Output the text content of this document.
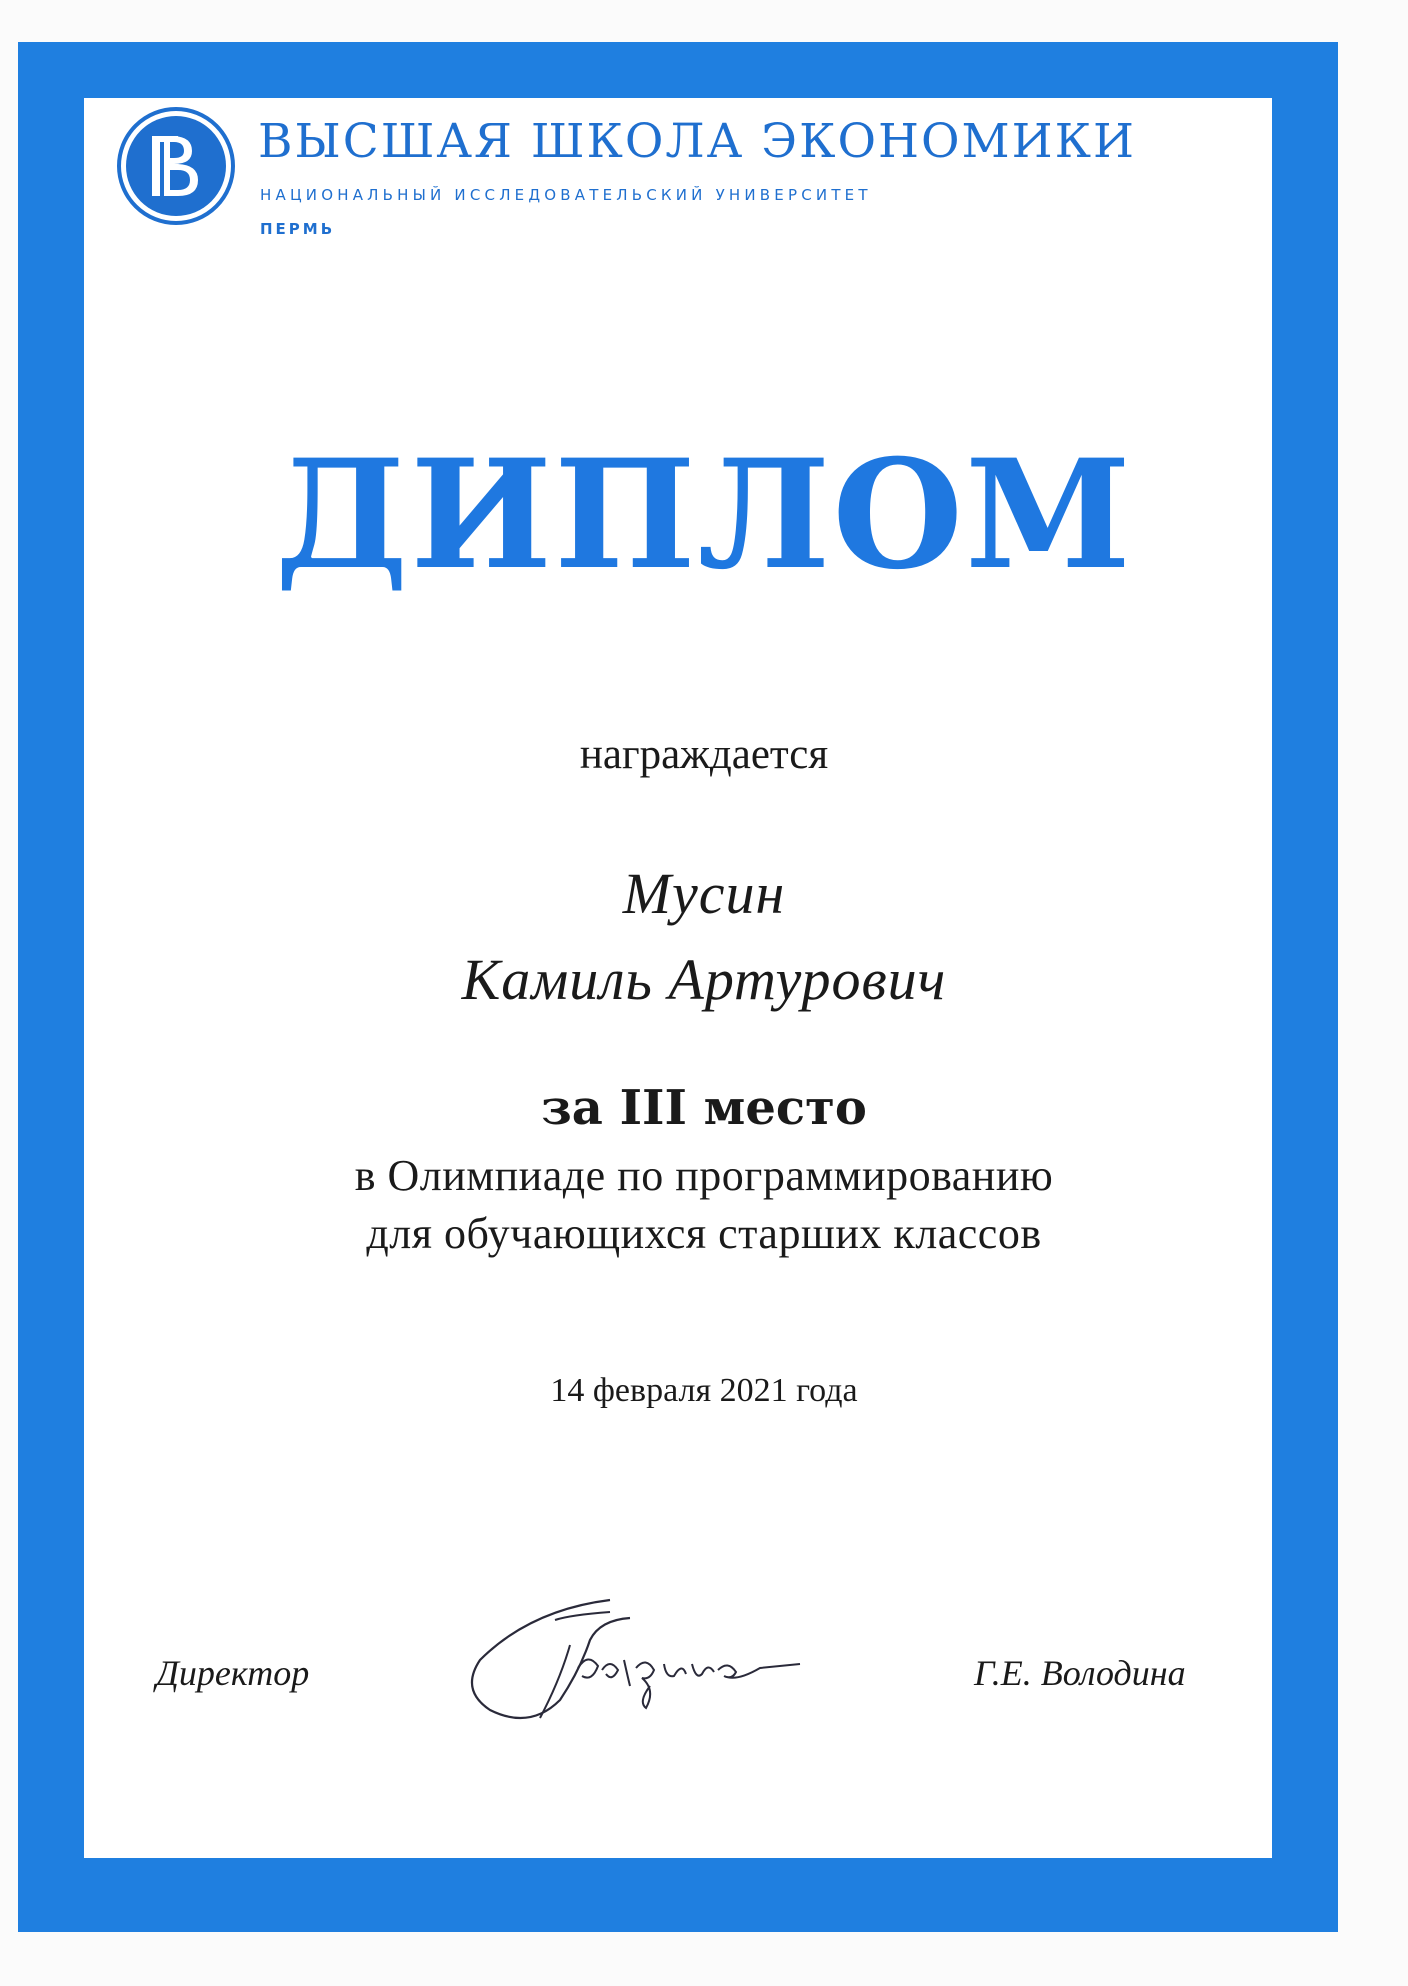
ВЫСШАЯ ШКОЛА ЭКОНОМИКИ
НАЦИОНАЛЬНЫЙ ИССЛЕДОВАТЕЛЬСКИЙ УНИВЕРСИТЕТ
ПЕРМЬ
ДИПЛОМ
награждается
Мусин
Камиль Артурович
за III место
в Олимпиаде по программированию
для обучающихся старших классов
14 февраля 2021 года
Директор	Г.Е. Володина
